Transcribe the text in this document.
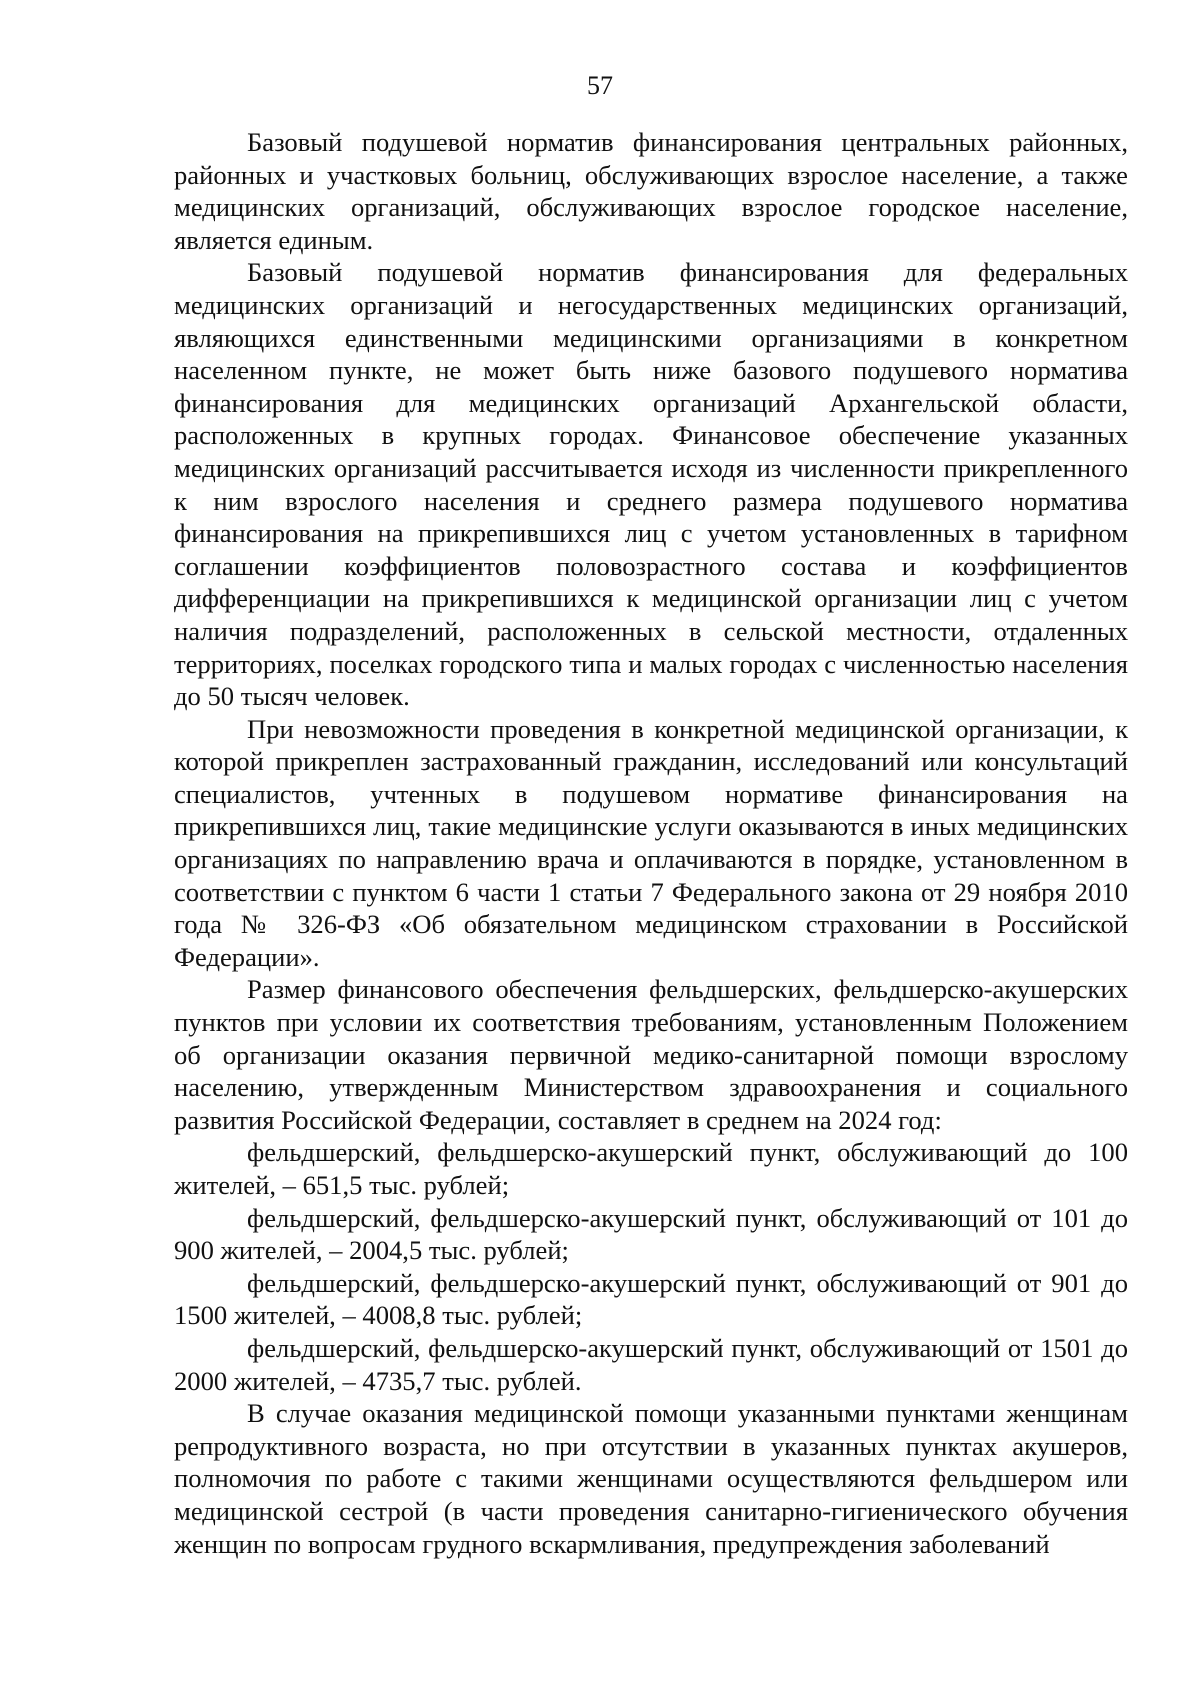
57

Базовый подушевой норматив финансирования центральных районных, районных и участковых больниц, обслуживающих взрослое население, а также медицинских организаций, обслуживающих взрослое городское население, является единым.

Базовый подушевой норматив финансирования для федеральных медицинских организаций и негосударственных медицинских организаций, являющихся единственными медицинскими организациями в конкретном населенном пункте, не может быть ниже базового подушевого норматива финансирования для медицинских организаций Архангельской области, расположенных в крупных городах. Финансовое обеспечение указанных медицинских организаций рассчитывается исходя из численности прикрепленного к ним взрослого населения и среднего размера подушевого норматива финансирования на прикрепившихся лиц с учетом установленных в тарифном соглашении коэффициентов половозрастного состава и коэффициентов дифференциации на прикрепившихся к медицинской организации лиц с учетом наличия подразделений, расположенных в сельской местности, отдаленных территориях, поселках городского типа и малых городах с численностью населения до 50 тысяч человек.

При невозможности проведения в конкретной медицинской организации, к которой прикреплен застрахованный гражданин, исследований или консультаций специалистов, учтенных в подушевом нормативе финансирования на прикрепившихся лиц, такие медицинские услуги оказываются в иных медицинских организациях по направлению врача и оплачиваются в порядке, установленном в соответствии с пунктом 6 части 1 статьи 7 Федерального закона от 29 ноября 2010 года № 326-ФЗ «Об обязательном медицинском страховании в Российской Федерации».

Размер финансового обеспечения фельдшерских, фельдшерско-акушерских пунктов при условии их соответствия требованиям, установленным Положением об организации оказания первичной медико-санитарной помощи взрослому населению, утвержденным Министерством здравоохранения и социального развития Российской Федерации, составляет в среднем на 2024 год:

фельдшерский, фельдшерско-акушерский пункт, обслуживающий до 100 жителей, – 651,5 тыс. рублей;

фельдшерский, фельдшерско-акушерский пункт, обслуживающий от 101 до 900 жителей, – 2004,5 тыс. рублей;

фельдшерский, фельдшерско-акушерский пункт, обслуживающий от 901 до 1500 жителей, – 4008,8 тыс. рублей;

фельдшерский, фельдшерско-акушерский пункт, обслуживающий от 1501 до 2000 жителей, – 4735,7 тыс. рублей.

В случае оказания медицинской помощи указанными пунктами женщинам репродуктивного возраста, но при отсутствии в указанных пунктах акушеров, полномочия по работе с такими женщинами осуществляются фельдшером или медицинской сестрой (в части проведения санитарно-гигиенического обучения женщин по вопросам грудного вскармливания, предупреждения заболеваний
